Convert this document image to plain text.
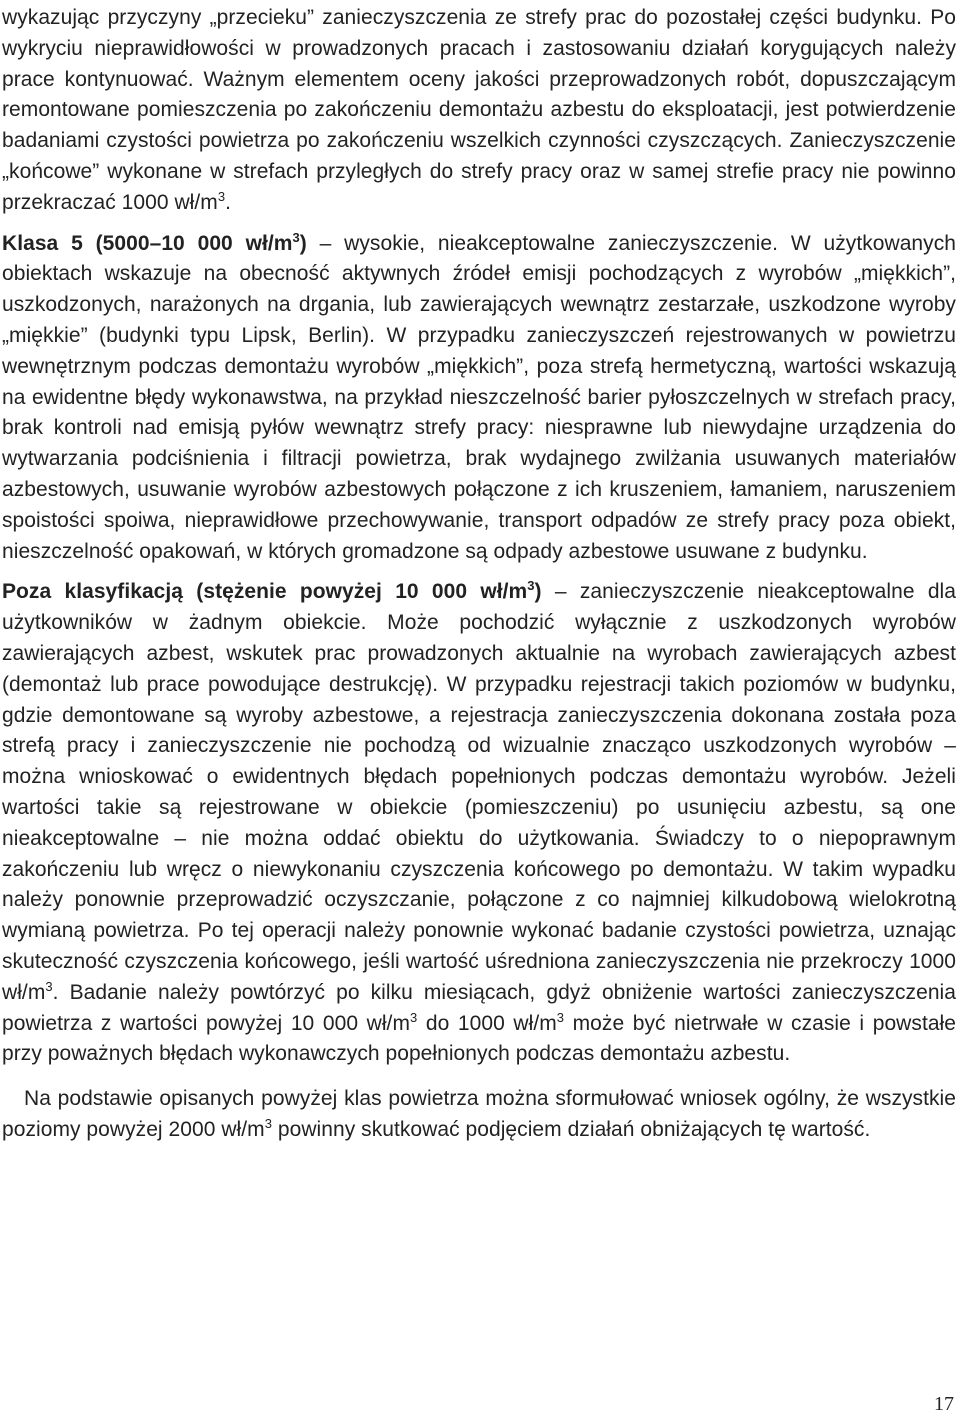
wykazując przyczyny „przecieku” zanieczyszczenia ze strefy prac do pozostałej części budynku. Po wykryciu nieprawidłowości w prowadzonych pracach i zastosowaniu działań korygujących należy prace kontynuować. Ważnym elementem oceny jakości przeprowadzonych robót, dopuszczającym remontowane pomieszczenia po zakończeniu demontażu azbestu do eksploatacji, jest potwierdzenie badaniami czystości powietrza po zakończeniu wszelkich czynności czyszczących. Zanieczyszczenie „końcowe” wykonane w strefach przyległych do strefy pracy oraz w samej strefie pracy nie powinno przekraczać 1000 $wł/m^3$.

Klasa 5 (5000–10 000 $wł/m^3$) – wysokie, nieakceptowalne zanieczyszczenie. W użytkowanych obiektach wskazuje na obecność aktywnych źródeł emisji pochodzących z wyrobów „miękkich”, uszkodzonych, narażonych na drgania, lub zawierających wewnątrz zestarzałe, uszkodzone wyroby „miękkie” (budynki typu Lipsk, Berlin). W przypadku zanieczyszczeń rejestrowanych w powietrzu wewnętrznym podczas demontażu wyrobów „miękkich”, poza strefą hermetyczną, wartości wskazują na ewidentne błędy wykonawstwa, na przykład nieszczelność barier pyłoszczelnych w strefach pracy, brak kontroli nad emisją pyłów wewnątrz strefy pracy: niesprawne lub niewydajne urządzenia do wytwarzania podciśnienia i filtracji powietrza, brak wydajnego zwilżania usuwanych materiałów azbestowych, usuwanie wyrobów azbestowych połączone z ich kruszeniem, łamaniem, naruszeniem spoistości spoiwa, nieprawidłowe przechowywanie, transport odpadów ze strefy pracy poza obiekt, nieszczelność opakowań, w których gromadzone są odpady azbestowe usuwane z budynku.

Poza klasyfikacją (stężenie powyżej 10 000 $wł/m^3$) – zanieczyszczenie nieakceptowalne dla użytkowników w żadnym obiekcie. Może pochodzić wyłącznie z uszkodzonych wyrobów zawierających azbest, wskutek prac prowadzonych aktualnie na wyrobach zawierających azbest (demontaż lub prace powodujące destrukcję). W przypadku rejestracji takich poziomów w budynku, gdzie demontowane są wyroby azbestowe, a rejestracja zanieczyszczenia dokonana została poza strefą pracy i zanieczyszczenie nie pochodzą od wizualnie znacząco uszkodzonych wyrobów – można wnioskować o ewidentnych błędach popełnionych podczas demontażu wyrobów. Jeżeli wartości takie są rejestrowane w obiekcie (pomieszczeniu) po usunięciu azbestu, są one nieakceptowalne – nie można oddać obiektu do użytkowania. Świadczy to o niepoprawnym zakończeniu lub wręcz o niewykonaniu czyszczenia końcowego po demontażu. W takim wypadku należy ponownie przeprowadzić oczyszczanie, połączone z co najmniej kilkudobową wielokrotną wymianą powietrza. Po tej operacji należy ponownie wykonać badanie czystości powietrza, uznając skuteczność czyszczenia końcowego, jeśli wartość uśredniona zanieczyszczenia nie przekroczy 1000 $wł/m^3$. Badanie należy powtórzyć po kilku miesiącach, gdyż obniżenie wartości zanieczyszczenia powietrza z wartości powyżej 10 000 $wł/m^3$ do 1000 $wł/m^3$ może być nietrwałe w czasie i powstałe przy poważnych błędach wykonawczych popełnionych podczas demontażu azbestu.

Na podstawie opisanych powyżej klas powietrza można sformułować wniosek ogólny, że wszystkie poziomy powyżej 2000 $wł/m^3$ powinny skutkować podjęciem działań obniżających tę wartość.

17
